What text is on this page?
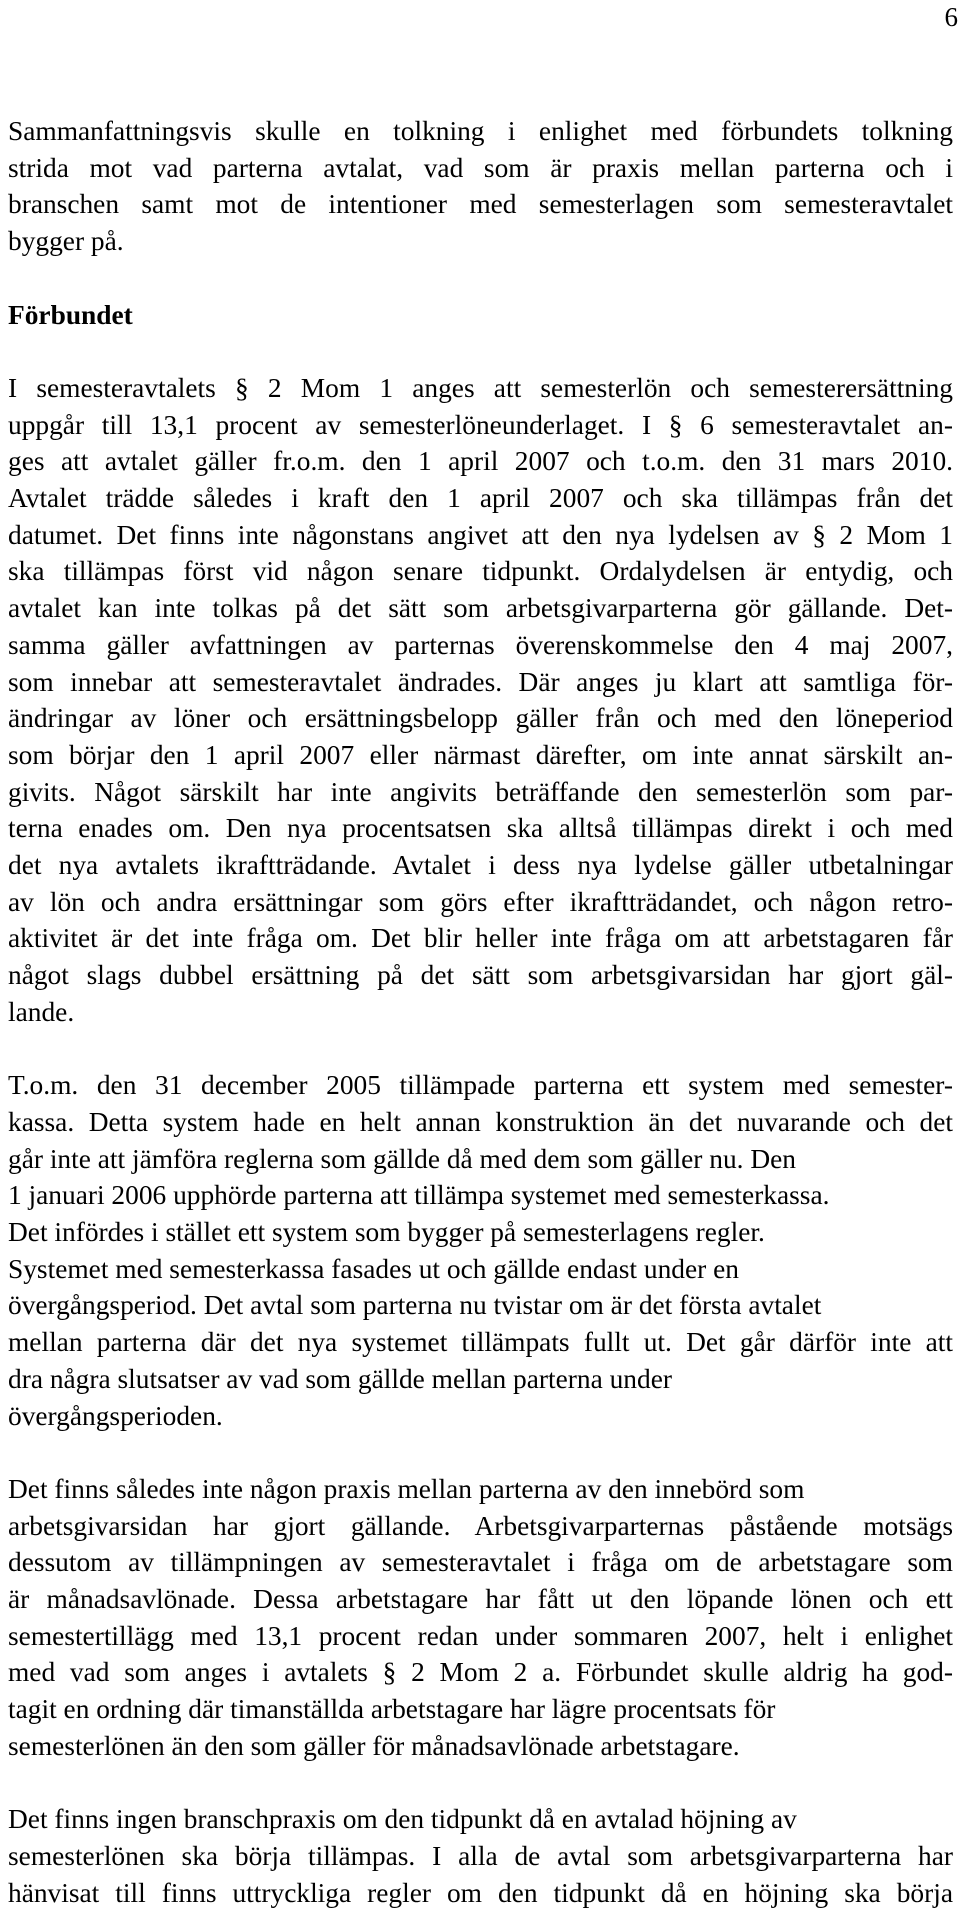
6

Sammanfattningsvis skulle en tolkning i enlighet med förbundets tolkning
strida mot vad parterna avtalat, vad som är praxis mellan parterna och i
branschen samt mot de intentioner med semesterlagen som semesteravtalet
bygger på.

Förbundet

I semesteravtalets § 2 Mom 1 anges att semesterlön och semesterersättning
uppgår till 13,1 procent av semesterlöneunderlaget. I § 6 semesteravtalet an-
ges att avtalet gäller fr.o.m. den 1 april 2007 och t.o.m. den 31 mars 2010.
Avtalet trädde således i kraft den 1 april 2007 och ska tillämpas från det
datumet. Det finns inte någonstans angivet att den nya lydelsen av § 2 Mom 1
ska tillämpas först vid någon senare tidpunkt. Ordalydelsen är entydig, och
avtalet kan inte tolkas på det sätt som arbetsgivarparterna gör gällande. Det-
samma gäller avfattningen av parternas överenskommelse den 4 maj 2007,
som innebar att semesteravtalet ändrades. Där anges ju klart att samtliga för-
ändringar av löner och ersättningsbelopp gäller från och med den löneperiod
som börjar den 1 april 2007 eller närmast därefter, om inte annat särskilt an-
givits. Något särskilt har inte angivits beträffande den semesterlön som par-
terna enades om. Den nya procentsatsen ska alltså tillämpas direkt i och med
det nya avtalets ikraftträdande. Avtalet i dess nya lydelse gäller utbetalningar
av lön och andra ersättningar som görs efter ikraftträdandet, och någon retro-
aktivitet är det inte fråga om. Det blir heller inte fråga om att arbetstagaren får
något slags dubbel ersättning på det sätt som arbetsgivarsidan har gjort gäl-
lande.

T.o.m. den 31 december 2005 tillämpade parterna ett system med semester-
kassa. Detta system hade en helt annan konstruktion än det nuvarande och det
går inte att jämföra reglerna som gällde då med dem som gäller nu. Den
1 januari 2006 upphörde parterna att tillämpa systemet med semesterkassa.
Det infördes i stället ett system som bygger på semesterlagens regler.
Systemet med semesterkassa fasades ut och gällde endast under en
övergångsperiod. Det avtal som parterna nu tvistar om är det första avtalet
mellan parterna där det nya systemet tillämpats fullt ut. Det går därför inte att
dra några slutsatser av vad som gällde mellan parterna under
övergångsperioden.

Det finns således inte någon praxis mellan parterna av den innebörd som
arbetsgivarsidan har gjort gällande. Arbetsgivarparternas påstående motsägs
dessutom av tillämpningen av semesteravtalet i fråga om de arbetstagare som
är månadsavlönade. Dessa arbetstagare har fått ut den löpande lönen och ett
semestertillägg med 13,1 procent redan under sommaren 2007, helt i enlighet
med vad som anges i avtalets § 2 Mom 2 a. Förbundet skulle aldrig ha god-
tagit en ordning där timanställda arbetstagare har lägre procentsats för
semesterlönen än den som gäller för månadsavlönade arbetstagare.

Det finns ingen branschpraxis om den tidpunkt då en avtalad höjning av
semesterlönen ska börja tillämpas. I alla de avtal som arbetsgivarparterna har
hänvisat till finns uttryckliga regler om den tidpunkt då en höjning ska börja
